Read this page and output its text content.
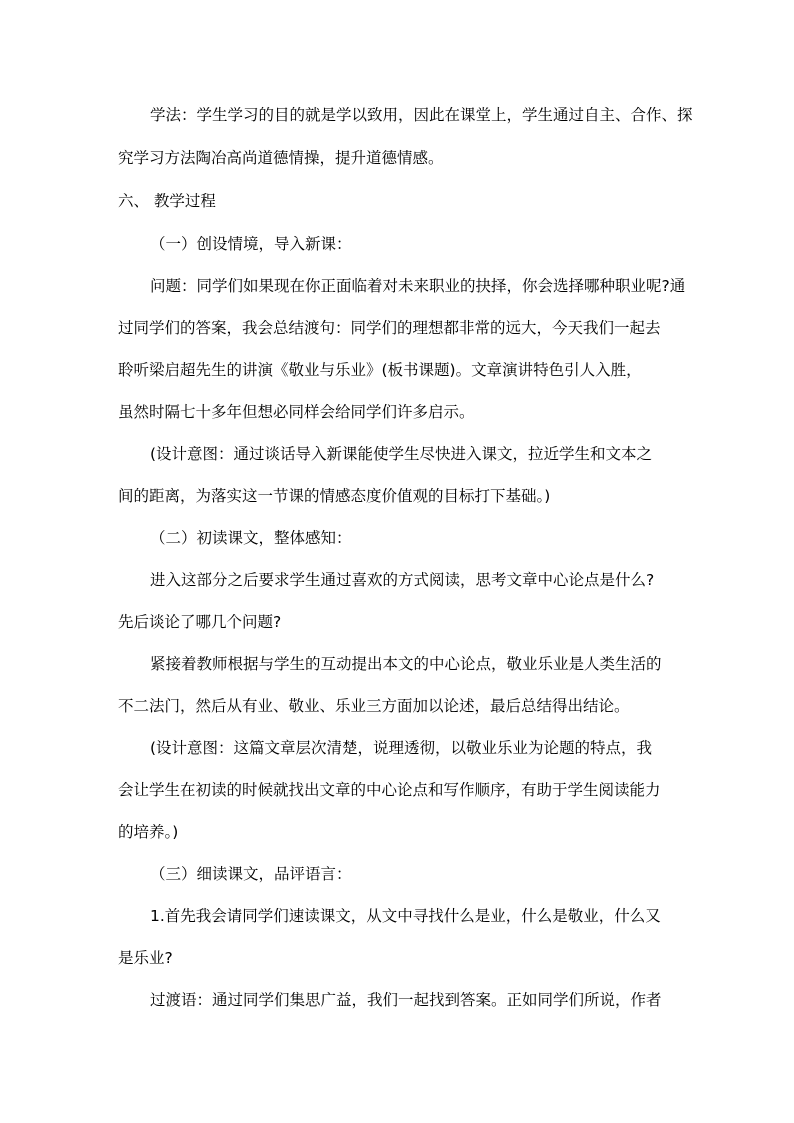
学法：学生学习的目的就是学以致用，因此在课堂上，学生通过自主、合作、探
究学习方法陶冶高尚道德情操，提升道德情感。
六、 教学过程
（一）创设情境，导入新课：
问题：同学们如果现在你正面临着对未来职业的抉择，你会选择哪种职业呢?通
过同学们的答案，我会总结渡句：同学们的理想都非常的远大，今天我们一起去
聆听梁启超先生的讲演《敬业与乐业》(板书课题)。文章演讲特色引人入胜，
虽然时隔七十多年但想必同样会给同学们许多启示。
(设计意图：通过谈话导入新课能使学生尽快进入课文，拉近学生和文本之
间的距离，为落实这一节课的情感态度价值观的目标打下基础。)
（二）初读课文，整体感知：
进入这部分之后要求学生通过喜欢的方式阅读，思考文章中心论点是什么?
先后谈论了哪几个问题?
紧接着教师根据与学生的互动提出本文的中心论点，敬业乐业是人类生活的
不二法门，然后从有业、敬业、乐业三方面加以论述，最后总结得出结论。
(设计意图：这篇文章层次清楚，说理透彻，以敬业乐业为论题的特点，我
会让学生在初读的时候就找出文章的中心论点和写作顺序，有助于学生阅读能力
的培养。)
（三）细读课文，品评语言：
1.首先我会请同学们速读课文，从文中寻找什么是业，什么是敬业，什么又
是乐业?
过渡语：通过同学们集思广益，我们一起找到答案。正如同学们所说，作者
